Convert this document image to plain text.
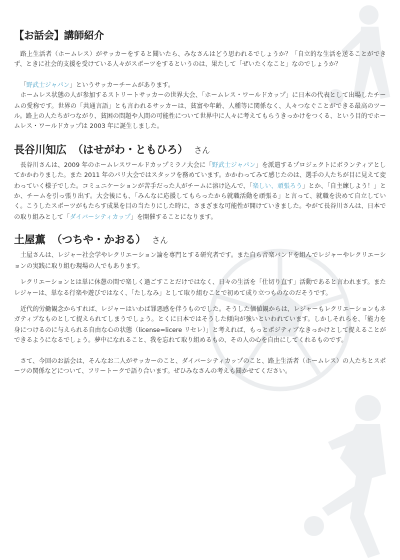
【お話会】講師紹介

路上生活者（ホームレス）がサッカーをすると聞いたら、みなさんはどう思われるでしょうか？「自立的な生活を送ることができず、ときに社会的支援を受けている人々がスポーツをするというのは、果たして「ぜいたくなこと」なのでしょうか？

「野武士ジャパン」というサッカーチームがあります。

ホームレス状態の人が参加するストリートサッカーの世界大会、「ホームレス・ワールドカップ」に日本の代表として出場したチームの愛称です。世界の「共通言語」とも言われるサッカーは、貧富や年齢、人種等に関係なく、人々つなぐことができる最高のツール。路上の人たちがつながり、貧困の問題や人間の可能性について世界中に人々に考えてもらうきっかけをつくる、という目的でホームレス・ワールドカップは 2003 年に誕生しました。

長谷川知広 （はせがわ・ともひろ） さん

長谷川さんは、2009 年のホームレスワールドカップミラノ大会に「野武士ジャパン」を派遣するプロジェクトにボランティアとしてかかわりました。また 2011 年のパリ大会ではスタッフを務めています。かかわってみて感じたのは、選手の人たちが目に見えて変わっていく様子でした。コミュニケーションが苦手だった人がチームに溶け込んで、「楽しい、頑張ろう」とか、「自主練しよう！」とか、チームを引っ張り出す。大会後にも、「みんなに応援してもらったから就職活動を頑張る」と言って、就職を決めて自立していく。こうしたスポーツがもたらす成果を目の当たりにした時に、さまざまな可能性が開けていきました。やがて長谷川さんは、日本での取り組みとして「ダイバーシティカップ」を開催することになります。

土屋薫 （つちや・かおる） さん

土屋さんは、レジャー社会学やレクリエーション論を専門とする研究者です。また自ら音楽バンドを組んでレジャーやレクリエーションの実践に取り組む現場の人でもあります。

レクリエーションとは単に休憩の間で楽しく過ごすことだけではなく、日々の生活を「仕切り直す」活動であると言われます。またレジャーは、単なる行楽や遊びではなく、「たしなみ」として取り組むことで初めて成り立つものなのだそうです。

近代的労働観念からすれば、レジャーはいわば罪悪感を伴うものでした。そうした価値観からは、レジャーもレクリエーションもネガティブなものとして捉えられてしまうでしょう。とくに日本ではそうした傾向が強いといわれています。しかしそれらを、「能力を身につけるのに与えられる自由な心の状態（license=licere リセレ）」と考えれば、もっとポジティブなきっかけとして捉えることができるようになるでしょう。夢中になれること、我を忘れて取り組めるもの、その人の心を自由にしてくれるものです。

さて、今回のお話会は、そんなお二人がサッカーのこと、ダイバーシティカップのこと、路上生活者（ホームレス）の人たちとスポーツの関係などについて、フリートークで語り合います。ぜひみなさんの考えも聞かせてください。
